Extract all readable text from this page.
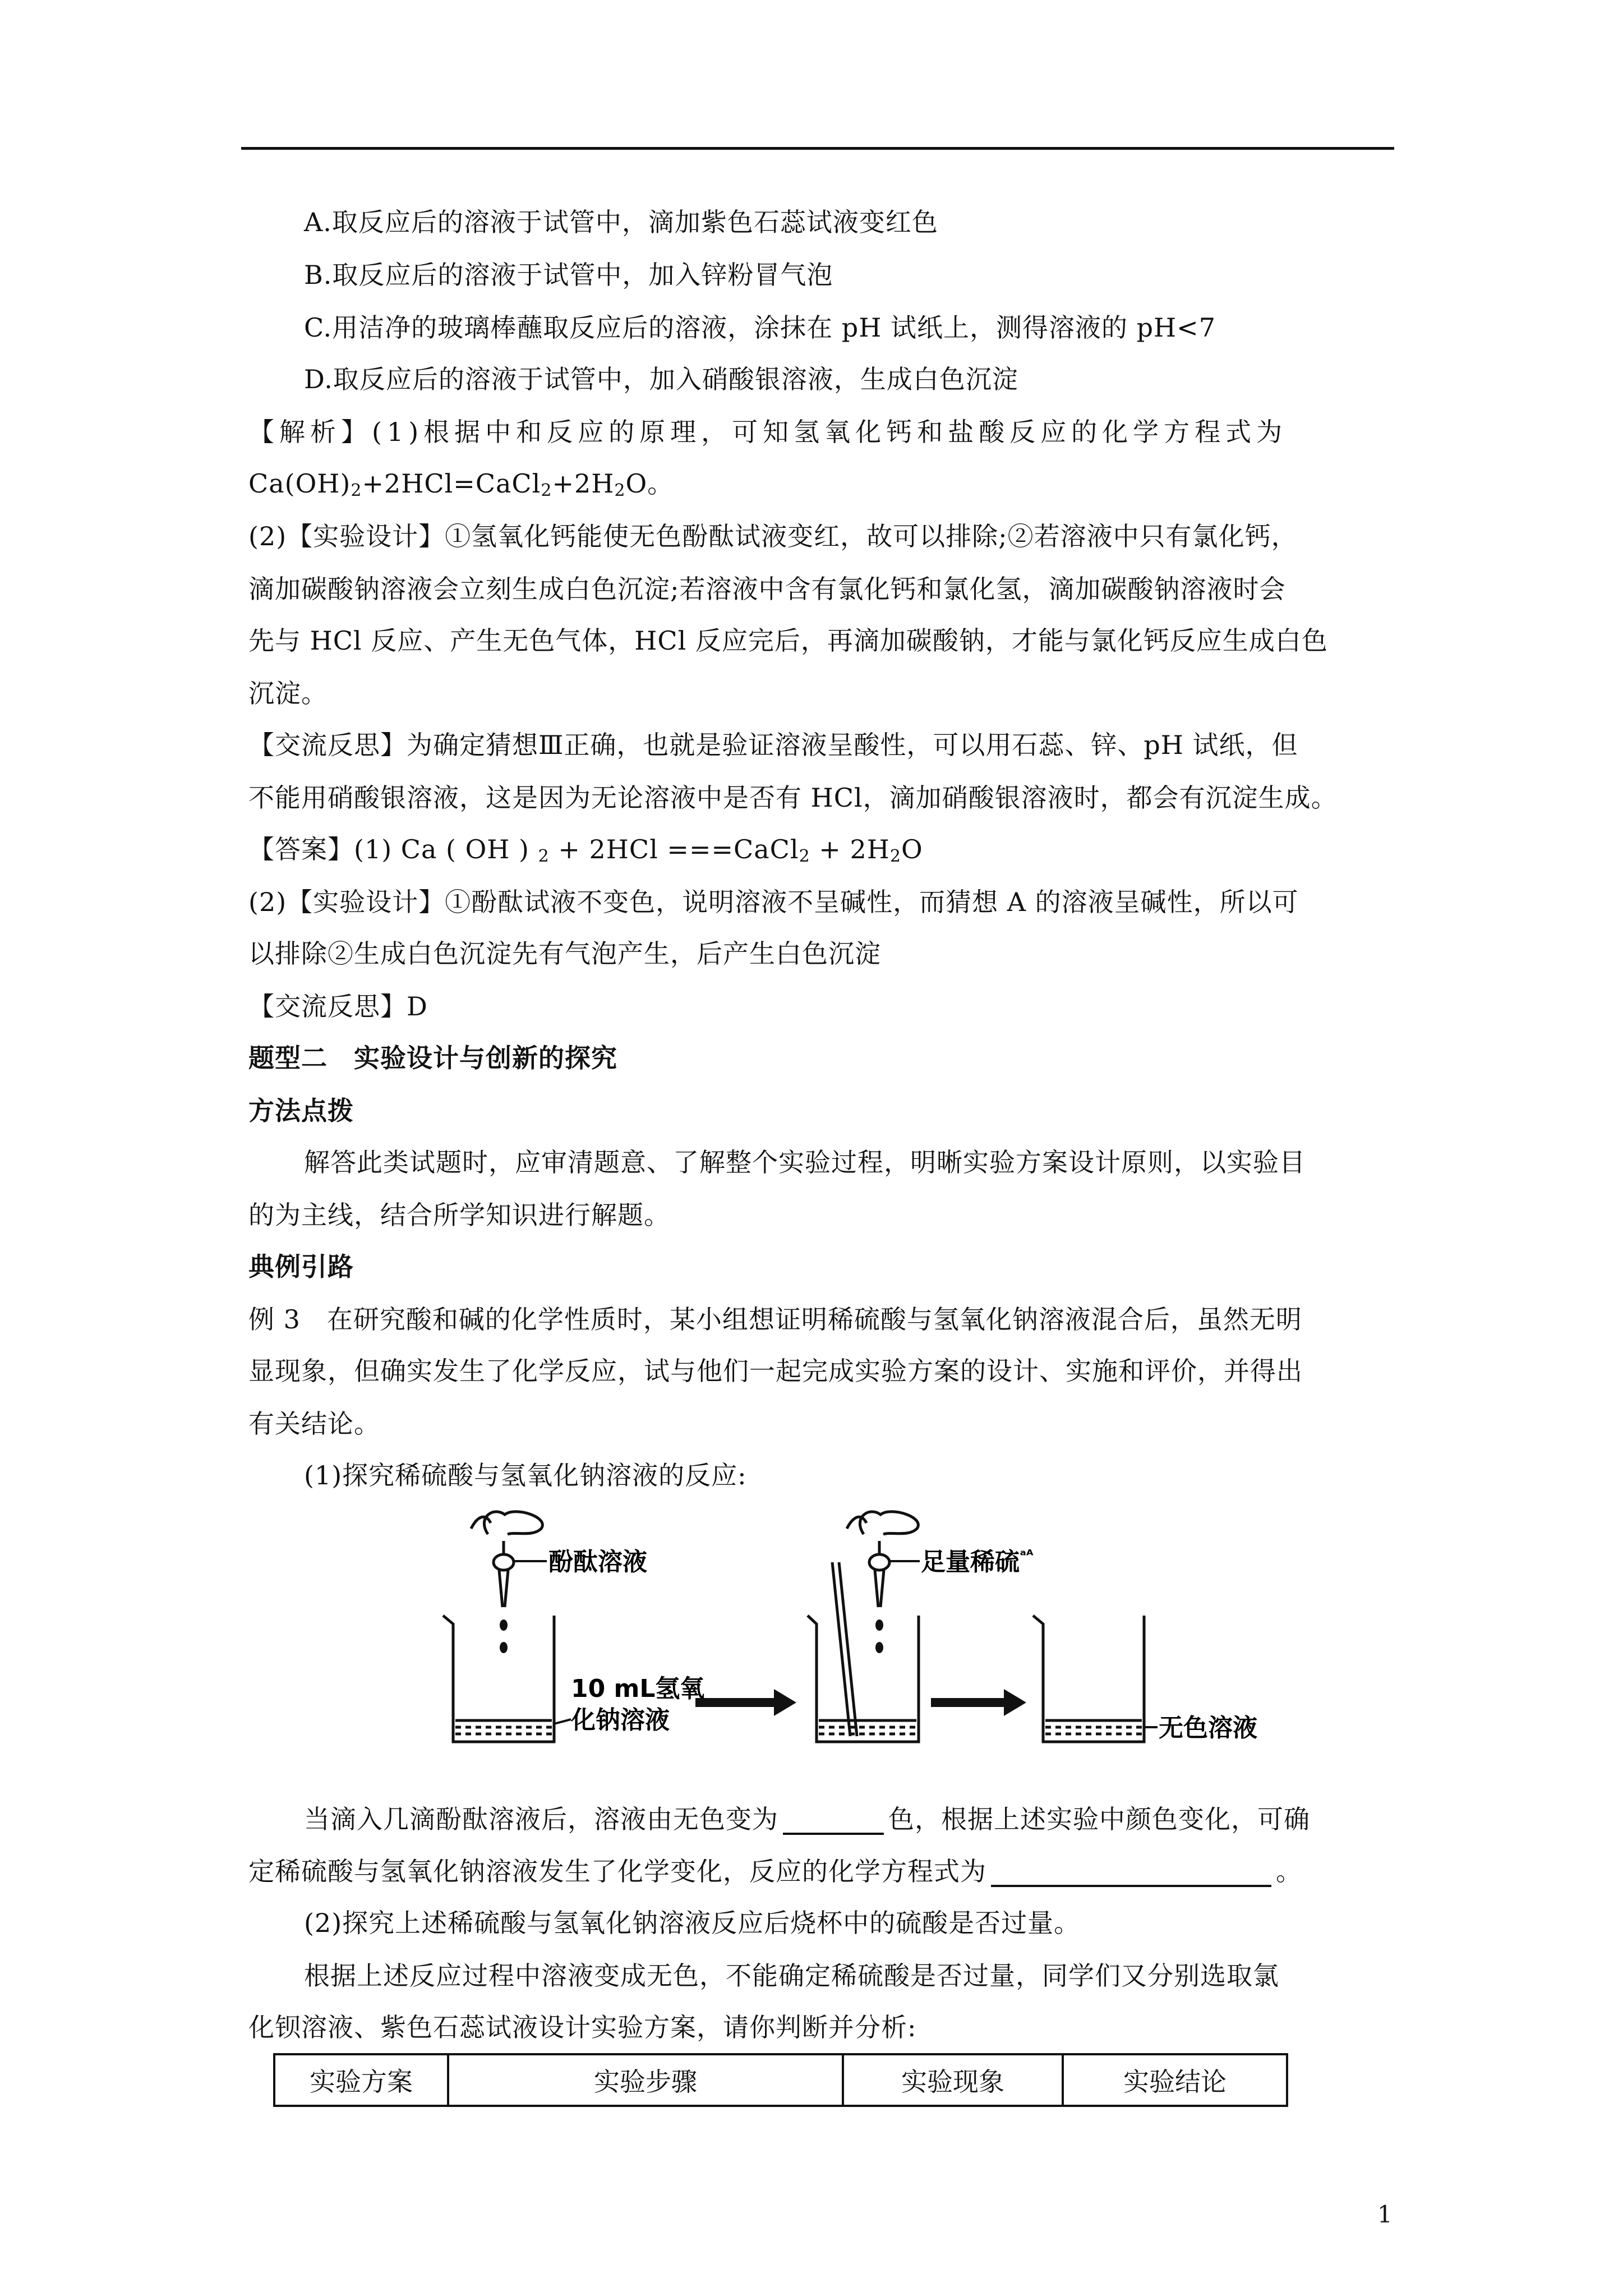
A.取反应后的溶液于试管中，滴加紫色石蕊试液变红色
B.取反应后的溶液于试管中，加入锌粉冒气泡
C.用洁净的玻璃棒蘸取反应后的溶液，涂抹在 pH 试纸上，测得溶液的 pH<7
D.取反应后的溶液于试管中，加入硝酸银溶液，生成白色沉淀
【解析】(1)根据中和反应的原理，可知氢氧化钙和盐酸反应的化学方程式为
$Ca(OH)_2+2HCl=CaCl_2+2H_2O$。
(2)【实验设计】①氢氧化钙能使无色酚酞试液变红，故可以排除;②若溶液中只有氯化钙，
滴加碳酸钠溶液会立刻生成白色沉淀;若溶液中含有氯化钙和氯化氢，滴加碳酸钠溶液时会
先与 HCl 反应、产生无色气体，HCl 反应完后，再滴加碳酸钠，才能与氯化钙反应生成白色
沉淀。
【交流反思】为确定猜想Ⅲ正确，也就是验证溶液呈酸性，可以用石蕊、锌、pH 试纸，但
不能用硝酸银溶液，这是因为无论溶液中是否有 HCl，滴加硝酸银溶液时，都会有沉淀生成。
【答案】(1) Ca ( OH ) $_2$ + 2HCl ===CaCl$_2$ + $2H_2O$
(2)【实验设计】①酚酞试液不变色，说明溶液不呈碱性，而猜想 A 的溶液呈碱性，所以可
以排除②生成白色沉淀先有气泡产生，后产生白色沉淀
【交流反思】D
题型二　实验设计与创新的探究
方法点拨
解答此类试题时，应审清题意、了解整个实验过程，明晰实验方案设计原则，以实验目
的为主线，结合所学知识进行解题。
典例引路
例 3　在研究酸和碱的化学性质时，某小组想证明稀硫酸与氢氧化钠溶液混合后，虽然无明
显现象，但确实发生了化学反应，试与他们一起完成实验方案的设计、实施和评价，并得出
有关结论。
(1)探究稀硫酸与氢氧化钠溶液的反应:
酚酞溶液
10 mL氢氧
化钠溶液
足量稀硫$^{ᵃᴬ}$
无色溶液
当滴入几滴酚酞溶液后，溶液由无色变为	色，根据上述实验中颜色变化，可确
定稀硫酸与氢氧化钠溶液发生了化学变化，反应的化学方程式为	。
(2)探究上述稀硫酸与氢氧化钠溶液反应后烧杯中的硫酸是否过量。
根据上述反应过程中溶液变成无色，不能确定稀硫酸是否过量，同学们又分别选取氯
化钡溶液、紫色石蕊试液设计实验方案，请你判断并分析:
实验方案	实验步骤	实验现象	实验结论
1
